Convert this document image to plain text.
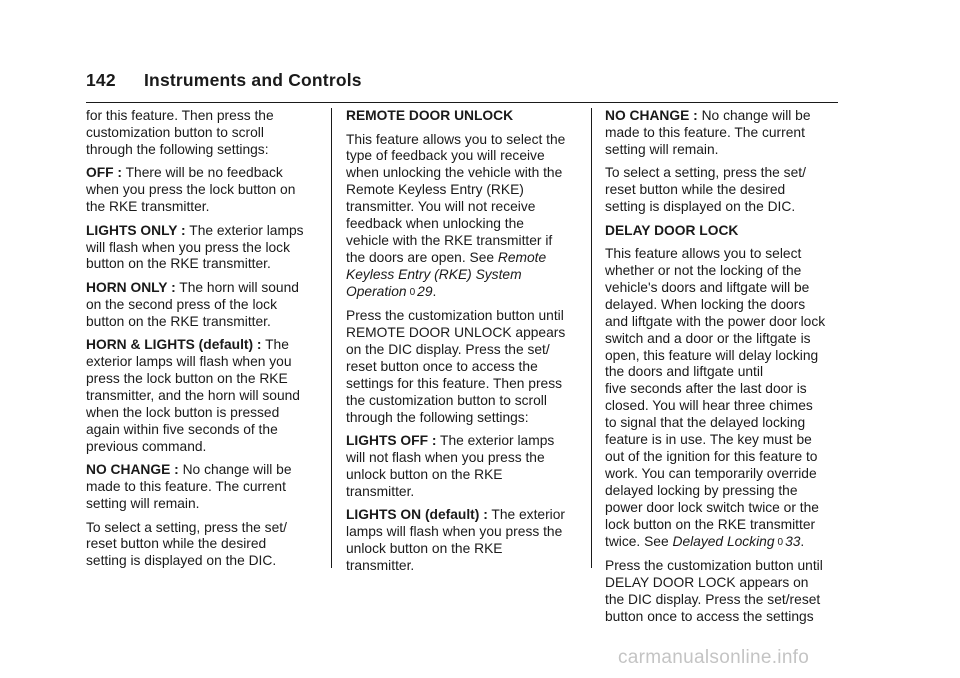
142 Instruments and Controls

for this feature. Then press the
customization button to scroll
through the following settings:

OFF : There will be no feedback
when you press the lock button on
the RKE transmitter.

LIGHTS ONLY : The exterior lamps
will flash when you press the lock
button on the RKE transmitter.

HORN ONLY : The horn will sound
on the second press of the lock
button on the RKE transmitter.

HORN & LIGHTS (default) : The
exterior lamps will flash when you
press the lock button on the RKE
transmitter, and the horn will sound
when the lock button is pressed
again within five seconds of the
previous command.

NO CHANGE : No change will be
made to this feature. The current
setting will remain.

To select a setting, press the set/
reset button while the desired
setting is displayed on the DIC.

REMOTE DOOR UNLOCK

This feature allows you to select the
type of feedback you will receive
when unlocking the vehicle with the
Remote Keyless Entry (RKE)
transmitter. You will not receive
feedback when unlocking the
vehicle with the RKE transmitter if
the doors are open. See Remote
Keyless Entry (RKE) System
Operation 0 29.

Press the customization button until
REMOTE DOOR UNLOCK appears
on the DIC display. Press the set/
reset button once to access the
settings for this feature. Then press
the customization button to scroll
through the following settings:

LIGHTS OFF : The exterior lamps
will not flash when you press the
unlock button on the RKE
transmitter.

LIGHTS ON (default) : The exterior
lamps will flash when you press the
unlock button on the RKE
transmitter.

NO CHANGE : No change will be
made to this feature. The current
setting will remain.

To select a setting, press the set/
reset button while the desired
setting is displayed on the DIC.

DELAY DOOR LOCK

This feature allows you to select
whether or not the locking of the
vehicle's doors and liftgate will be
delayed. When locking the doors
and liftgate with the power door lock
switch and a door or the liftgate is
open, this feature will delay locking
the doors and liftgate until
five seconds after the last door is
closed. You will hear three chimes
to signal that the delayed locking
feature is in use. The key must be
out of the ignition for this feature to
work. You can temporarily override
delayed locking by pressing the
power door lock switch twice or the
lock button on the RKE transmitter
twice. See Delayed Locking 0 33.

Press the customization button until
DELAY DOOR LOCK appears on
the DIC display. Press the set/reset
button once to access the settings

carmanualsonline.info
